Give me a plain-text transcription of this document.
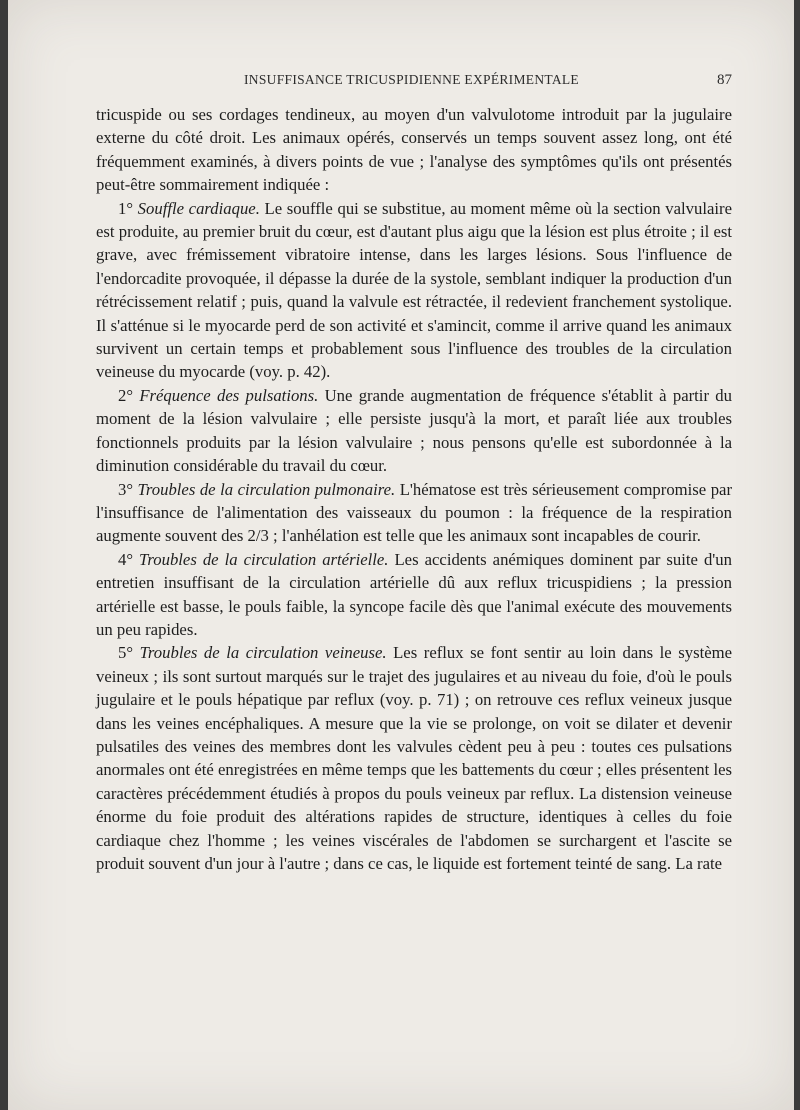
INSUFFISANCE TRICUSPIDIENNE EXPÉRIMENTALE	87

tricuspide ou ses cordages tendineux, au moyen d'un valvulotome introduit par la jugulaire externe du côté droit. Les animaux opérés, conservés un temps souvent assez long, ont été fréquemment examinés, à divers points de vue ; l'analyse des symptômes qu'ils ont présentés peut-être sommairement indiquée :

1° Souffle cardiaque. Le souffle qui se substitue, au moment même où la section valvulaire est produite, au premier bruit du cœur, est d'autant plus aigu que la lésion est plus étroite ; il est grave, avec frémissement vibratoire intense, dans les larges lésions. Sous l'influence de l'endorcadite provoquée, il dépasse la durée de la systole, semblant indiquer la production d'un rétrécissement relatif ; puis, quand la valvule est rétractée, il redevient franchement systolique. Il s'atténue si le myocarde perd de son activité et s'amincit, comme il arrive quand les animaux survivent un certain temps et probablement sous l'influence des troubles de la circulation veineuse du myocarde (voy. p. 42).

2° Fréquence des pulsations. Une grande augmentation de fréquence s'établit à partir du moment de la lésion valvulaire ; elle persiste jusqu'à la mort, et paraît liée aux troubles fonctionnels produits par la lésion valvulaire ; nous pensons qu'elle est subordonnée à la diminution considérable du travail du cœur.

3° Troubles de la circulation pulmonaire. L'hématose est très sérieusement compromise par l'insuffisance de l'alimentation des vaisseaux du poumon : la fréquence de la respiration augmente souvent des 2/3 ; l'anhélation est telle que les animaux sont incapables de courir.

4° Troubles de la circulation artérielle. Les accidents anémiques dominent par suite d'un entretien insuffisant de la circulation artérielle dû aux reflux tricuspidiens ; la pression artérielle est basse, le pouls faible, la syncope facile dès que l'animal exécute des mouvements un peu rapides.

5° Troubles de la circulation veineuse. Les reflux se font sentir au loin dans le système veineux ; ils sont surtout marqués sur le trajet des jugulaires et au niveau du foie, d'où le pouls jugulaire et le pouls hépatique par reflux (voy. p. 71) ; on retrouve ces reflux veineux jusque dans les veines encéphaliques. A mesure que la vie se prolonge, on voit se dilater et devenir pulsatiles des veines des membres dont les valvules cèdent peu à peu : toutes ces pulsations anormales ont été enregistrées en même temps que les battements du cœur ; elles présentent les caractères précédemment étudiés à propos du pouls veineux par reflux. La distension veineuse énorme du foie produit des altérations rapides de structure, identiques à celles du foie cardiaque chez l'homme ; les veines viscérales de l'abdomen se surchargent et l'ascite se produit souvent d'un jour à l'autre ; dans ce cas, le liquide est fortement teinté de sang. La rate
